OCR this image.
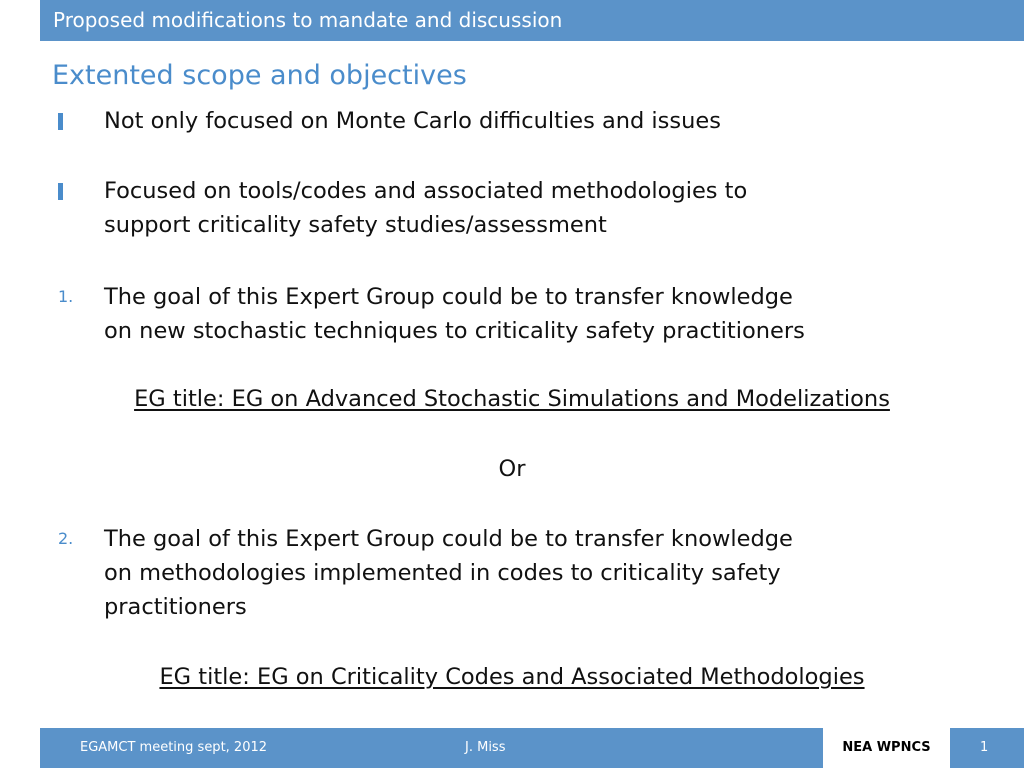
Proposed modifications to mandate and discussion
Extented scope and objectives
Not only focused on Monte Carlo difficulties and issues
Focused on tools/codes and associated methodologies to
support criticality safety studies/assessment
1.	The goal of this Expert Group could be to transfer knowledge
on new stochastic techniques to criticality safety practitioners
EG title: EG on Advanced Stochastic Simulations and Modelizations
Or
2.	The goal of this Expert Group could be to transfer knowledge
on methodologies implemented in codes to criticality safety
practitioners
EG title: EG on Criticality Codes and Associated Methodologies
EGAMCT meeting sept, 2012	J. Miss	NEA WPNCS	1
